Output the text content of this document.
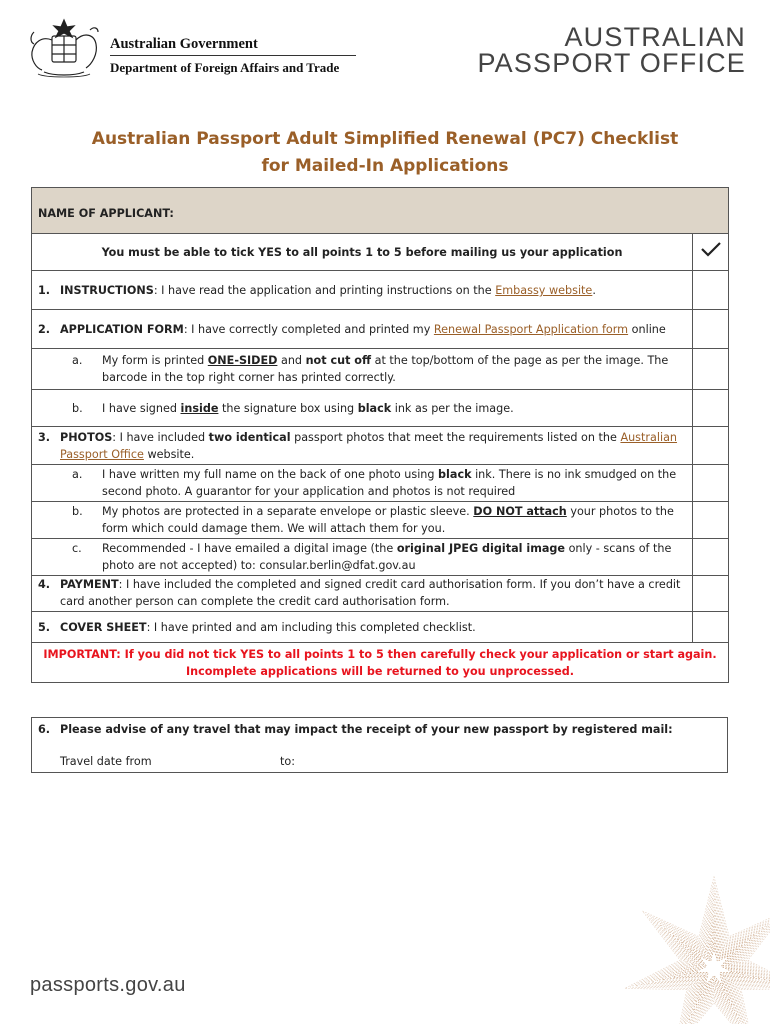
Australian Government
Department of Foreign Affairs and Trade
AUSTRALIAN
PASSPORT OFFICE
Australian Passport Adult Simplified Renewal (PC7) Checklist
for Mailed-In Applications
NAME OF APPLICANT:	
You must be able to tick YES to all points 1 to 5 before mailing us your application	
1. INSTRUCTIONS: I have read the application and printing instructions on the Embassy website.	
2. APPLICATION FORM: I have correctly completed and printed my Renewal Passport Application form online	

a. My form is printed ONE-SIDED and not cut off at the top/bottom of the page as per the image. The barcode in the top right corner has printed correctly.	

b. I have signed inside the signature box using black ink as per the image.	

3. PHOTOS: I have included two identical passport photos that meet the requirements listed on the Australian Passport Office website.	

a. I have written my full name on the back of one photo using black ink. There is no ink smudged on the second photo. A guarantor for your application and photos is not required	

b. My photos are protected in a separate envelope or plastic sleeve. DO NOT attach your photos to the form which could damage them. We will attach them for you.	

c. Recommended - I have emailed a digital image (the original JPEG digital image only - scans of the photo are not accepted) to: consular.berlin@dfat.gov.au	

4. PAYMENT: I have included the completed and signed credit card authorisation form. If you don’t have a credit card another person can complete the credit card authorisation form.	

5. COVER SHEET: I have printed and am including this completed checklist.	

IMPORTANT: If you did not tick YES to all points 1 to 5 then carefully check your application or start again.
Incomplete applications will be returned to you unprocessed.	
6. Please advise of any travel that may impact the receipt of your new passport by registered mail:
Travel date from	to:
passports.gov.au
